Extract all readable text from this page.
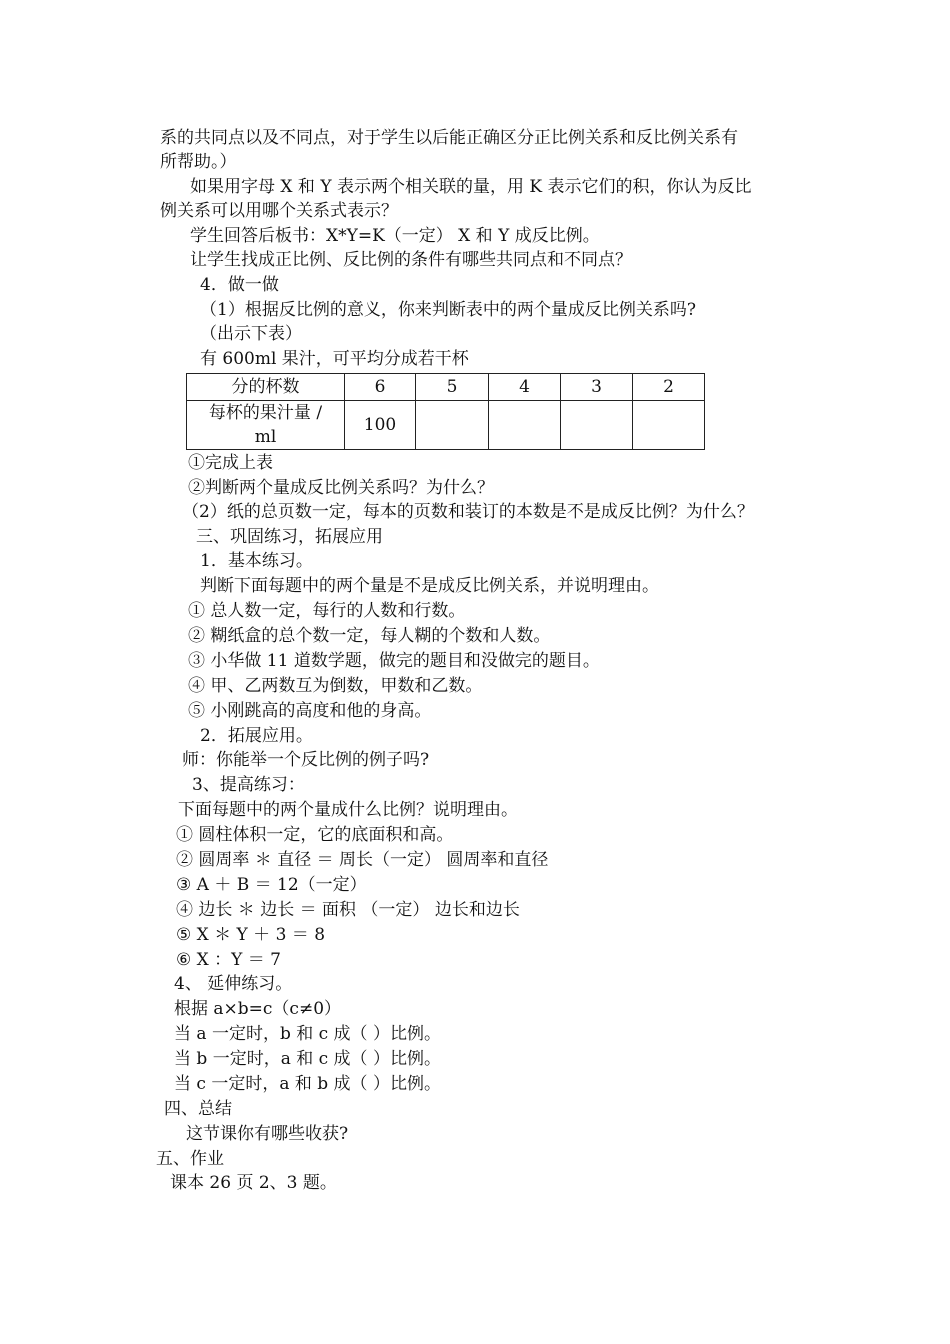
系的共同点以及不同点，对于学生以后能正确区分正比例关系和反比例关系有
所帮助。）
如果用字母 X 和 Y 表示两个相关联的量，用 K 表示它们的积，你认为反比
例关系可以用哪个关系式表示？
学生回答后板书：X*Y=K（一定） X 和 Y 成反比例。
让学生找成正比例、反比例的条件有哪些共同点和不同点？
4．做一做
（1）根据反比例的意义，你来判断表中的两个量成反比例关系吗?
（出示下表）
有 600ml 果汁，可平均分成若干杯
分的杯数	6	5	4	3	2
每杯的果汁量 /
ml	100				
①完成上表
②判断两个量成反比例关系吗？为什么？
（2）纸的总页数一定，每本的页数和装订的本数是不是成反比例？为什么？
三、巩固练习，拓展应用
1．基本练习。
判断下面每题中的两个量是不是成反比例关系，并说明理由。
① 总人数一定，每行的人数和行数。
② 糊纸盒的总个数一定，每人糊的个数和人数。
③ 小华做 11 道数学题，做完的题目和没做完的题目。
④ 甲、乙两数互为倒数，甲数和乙数。
⑤ 小刚跳高的高度和他的身高。
2．拓展应用。
师：你能举一个反比例的例子吗?
3、提高练习：
下面每题中的两个量成什么比例？说明理由。
① 圆柱体积一定，它的底面积和高。
② 圆周率 ＊ 直径 ＝ 周长（一定） 圆周率和直径
③ A ＋ B ＝ 12（一定）
④ 边长 ＊ 边长 ＝ 面积 （一定） 边长和边长
⑤ X ＊ Y ＋ 3 ＝ 8
⑥ X ：Y ＝ 7
4、 延伸练习。
根据 a×b=c（c≠0）
当 a 一定时，b 和 c 成（ ）比例。
当 b 一定时，a 和 c 成（ ）比例。
当 c 一定时，a 和 b 成（ ）比例。
四、总结
这节课你有哪些收获?
五、作业
课本 26 页 2、3 题。
